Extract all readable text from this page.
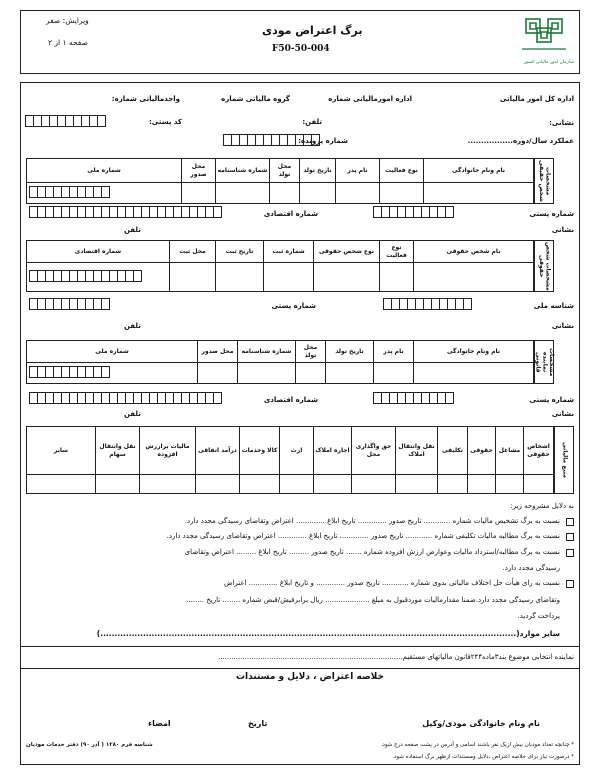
ویرایش: صفر
صفحه ۱ از ۲
برگ اعتراض مودی
F50-50-004
سازمان امور مالیاتی کشور
اداره کل امور مالیاتی
اداره امورمالیاتی شماره
گروه مالیاتی شماره
واحدمالیاتی شماره:
نشانی:
تلفن:
کد پستی:
عملکرد سال/دوره.................
شماره پرونده:
مشخصات شخص حقیقی
نام ونام خانوادگی	نوع فعالیت	نام پدر	تاریخ تولد	محل تولد	شماره شناسنامه	محل صدور	شماره ملی

شماره پستی
شماره اقتصادی
نشانی
تلفن
مشخصات شخص حقوقی
نام شخص حقوقی	نوع فعالیت	نوع شخص حقوقی	شماره ثبت	تاریخ ثبت	محل ثبت	شماره اقتصادی

شناسه ملی
شماره پستی
نشانی
تلفن
مشخصات نماینده قانونی
نام ونام خانوادگی	نام پدر	تاریخ تولد	محل تولد	شماره شناسنامه	محل صدور	شماره ملی

شماره پستی
شماره اقتصادی
نشانی
تلفن
منبع مالیاتی
اشخاص حقوقی	مشاغل	حقوقی	تکلیفی	نقل وانتقال املاک	حق واگذاری محل	اجاره املاک	ارث	کالا وخدمات	درآمد اتفاقی	مالیات برارزش افزوده	نقل وانتقال سهام	سایر

به دلایل مشروحه زیر:
نسبت به برگ تشخیص مالیات شماره ............ تاریخ صدور ............. تاریخ ابلاغ ............. اعتراض وتقاضای رسیدگی مجدد دارد.
نسبت به برگ مطالبه مالیات تکلیفی شماره ............ تاریخ صدور ............. تاریخ ابلاغ ............. اعتراض وتقاضای رسیدگی مجدد دارد.
نسبت به برگ مطالبه/استرداد مالیات وعوارض ارزش افزوده شماره ....... تاریخ صدور ......... تاریخ ابلاغ ......... اعتراض وتقاضای
رسیدگی مجدد دارد.
نسبت به رای هیأت حل اختلاف مالیاتی بدوی شماره ............ تاریخ صدور ............. و تاریخ ابلاغ ............. اعتراض
وتقاضای رسیدگی مجدد دارد.ضمنا مقدارمالیات موردقبول به مبلغ .................... ریال برابرفیش/قبض شماره ........ تاریخ ........
پرداخت گردید.
سایر موارد(..................................................................................................................................................)
نماینده انتخابی موضوع بند۳ماده۲۴۴قانون مالیاتهای مستقیم...................................................................................
خلاصه اعتراض ، دلایل و مستندات
نام ونام خانوادگی مودی/وکیل
تاریخ
امضاء
* چنانچه تعداد مودیان بیش ازیک نفر باشند اسامی و آدرس در پشت صفحه درج شود.
* درصورت نیاز برای خلاصه اعتراض ،دلایل ومستندات ازظهر برگ استفاده شود.
شناسه فرم ۱۲۸۰ ( آذر ۹۰) دفتر خدمات مودیان
